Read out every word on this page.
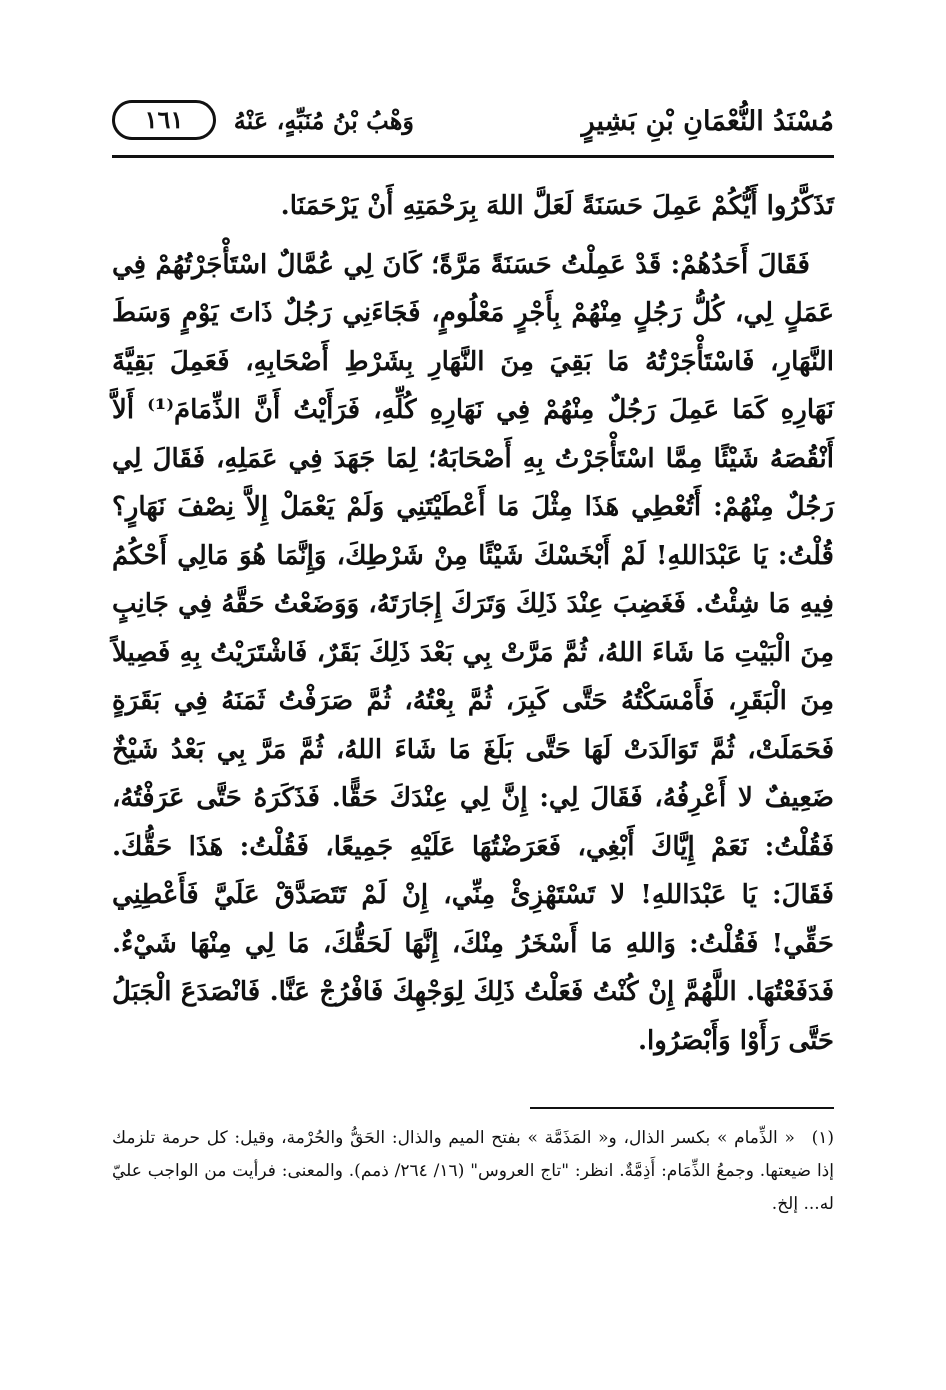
مُسْنَدُ النُّعْمَانِ بْنِ بَشِيرٍ
وَهْبُ بْنُ مُنَبِّهٍ، عَنْهُ
١٦١

تَذَكَّرُوا أَيُّكُمْ عَمِلَ حَسَنَةً لَعَلَّ اللهَ بِرَحْمَتِهِ أَنْ يَرْحَمَنَا.

فَقَالَ أَحَدُهُمْ: قَدْ عَمِلْتُ حَسَنَةً مَرَّةً؛ كَانَ لِي عُمَّالٌ اسْتَأْجَرْتُهُمْ فِي عَمَلٍ لِي، كُلُّ رَجُلٍ مِنْهُمْ بِأَجْرٍ مَعْلُومٍ، فَجَاءَنِي رَجُلٌ ذَاتَ يَوْمٍ وَسَطَ النَّهَارِ، فَاسْتَأْجَرْتُهُ مَا بَقِيَ مِنَ النَّهَارِ بِشَرْطِ أَصْحَابِهِ، فَعَمِلَ بَقِيَّةَ نَهَارِهِ كَمَا عَمِلَ رَجُلٌ مِنْهُمْ فِي نَهَارِهِ كُلِّهِ، فَرَأَيْتُ أَنَّ الذِّمَامَ⁽¹⁾ أَلاَّ أَنْقُصَهُ شَيْئًا مِمَّا اسْتَأْجَرْتُ بِهِ أَصْحَابَهُ؛ لِمَا جَهَدَ فِي عَمَلِهِ، فَقَالَ لِي رَجُلٌ مِنْهُمْ: أَتُعْطِي هَذَا مِثْلَ مَا أَعْطَيْتَنِي وَلَمْ يَعْمَلْ إِلاَّ نِصْفَ نَهَارٍ؟ قُلْتُ: يَا عَبْدَاللهِ! لَمْ أَبْخَسْكَ شَيْئًا مِنْ شَرْطِكَ، وَإِنَّمَا هُوَ مَالِي أَحْكُمُ فِيهِ مَا شِئْتُ. فَغَضِبَ عِنْدَ ذَلِكَ وَتَرَكَ إِجَارَتَهُ، وَوَضَعْتُ حَقَّهُ فِي جَانِبٍ مِنَ الْبَيْتِ مَا شَاءَ اللهُ، ثُمَّ مَرَّتْ بِي بَعْدَ ذَلِكَ بَقَرٌ، فَاشْتَرَيْتُ بِهِ فَصِيلاً مِنَ الْبَقَرِ، فَأَمْسَكْتُهُ حَتَّى كَبِرَ، ثُمَّ بِعْتُهُ، ثُمَّ صَرَفْتُ ثَمَنَهُ فِي بَقَرَةٍ فَحَمَلَتْ، ثُمَّ تَوَالَدَتْ لَهَا حَتَّى بَلَغَ مَا شَاءَ اللهُ، ثُمَّ مَرَّ بِي بَعْدُ شَيْخٌ ضَعِيفٌ لا أَعْرِفُهُ، فَقَالَ لِي: إِنَّ لِي عِنْدَكَ حَقًّا. فَذَكَرَهُ حَتَّى عَرَفْتُهُ، فَقُلْتُ: نَعَمْ إِيَّاكَ أَبْغِي، فَعَرَضْتُهَا عَلَيْهِ جَمِيعًا، فَقُلْتُ: هَذَا حَقُّكَ. فَقَالَ: يَا عَبْدَاللهِ! لا تَسْتَهْزِئْ مِنِّي، إِنْ لَمْ تَتَصَدَّقْ عَلَيَّ فَأَعْطِنِي حَقِّي! فَقُلْتُ: وَاللهِ مَا أَسْخَرُ مِنْكَ، إِنَّهَا لَحَقُّكَ، مَا لِي مِنْهَا شَيْءٌ. فَدَفَعْتُهَا. اللَّهُمَّ إِنْ كُنْتُ فَعَلْتُ ذَلِكَ لِوَجْهِكَ فَافْرُجْ عَنَّا. فَانْصَدَعَ الْجَبَلُ حَتَّى رَأَوْا وَأَبْصَرُوا.

(١) « الذِّمام » بكسر الذال، و« المَذَمَّة » بفتح الميم والذال: الحَقُّ والحُرْمة، وقيل: كل حرمة تلزمك إذا ضيعتها. وجمعُ الذِّمَام: أَذِمَّةٌ. انظر: "تاج العروس" (١٦/ ٢٦٤/ ذمم). والمعنى: فرأيت من الواجب عليّ له... إلخ.
